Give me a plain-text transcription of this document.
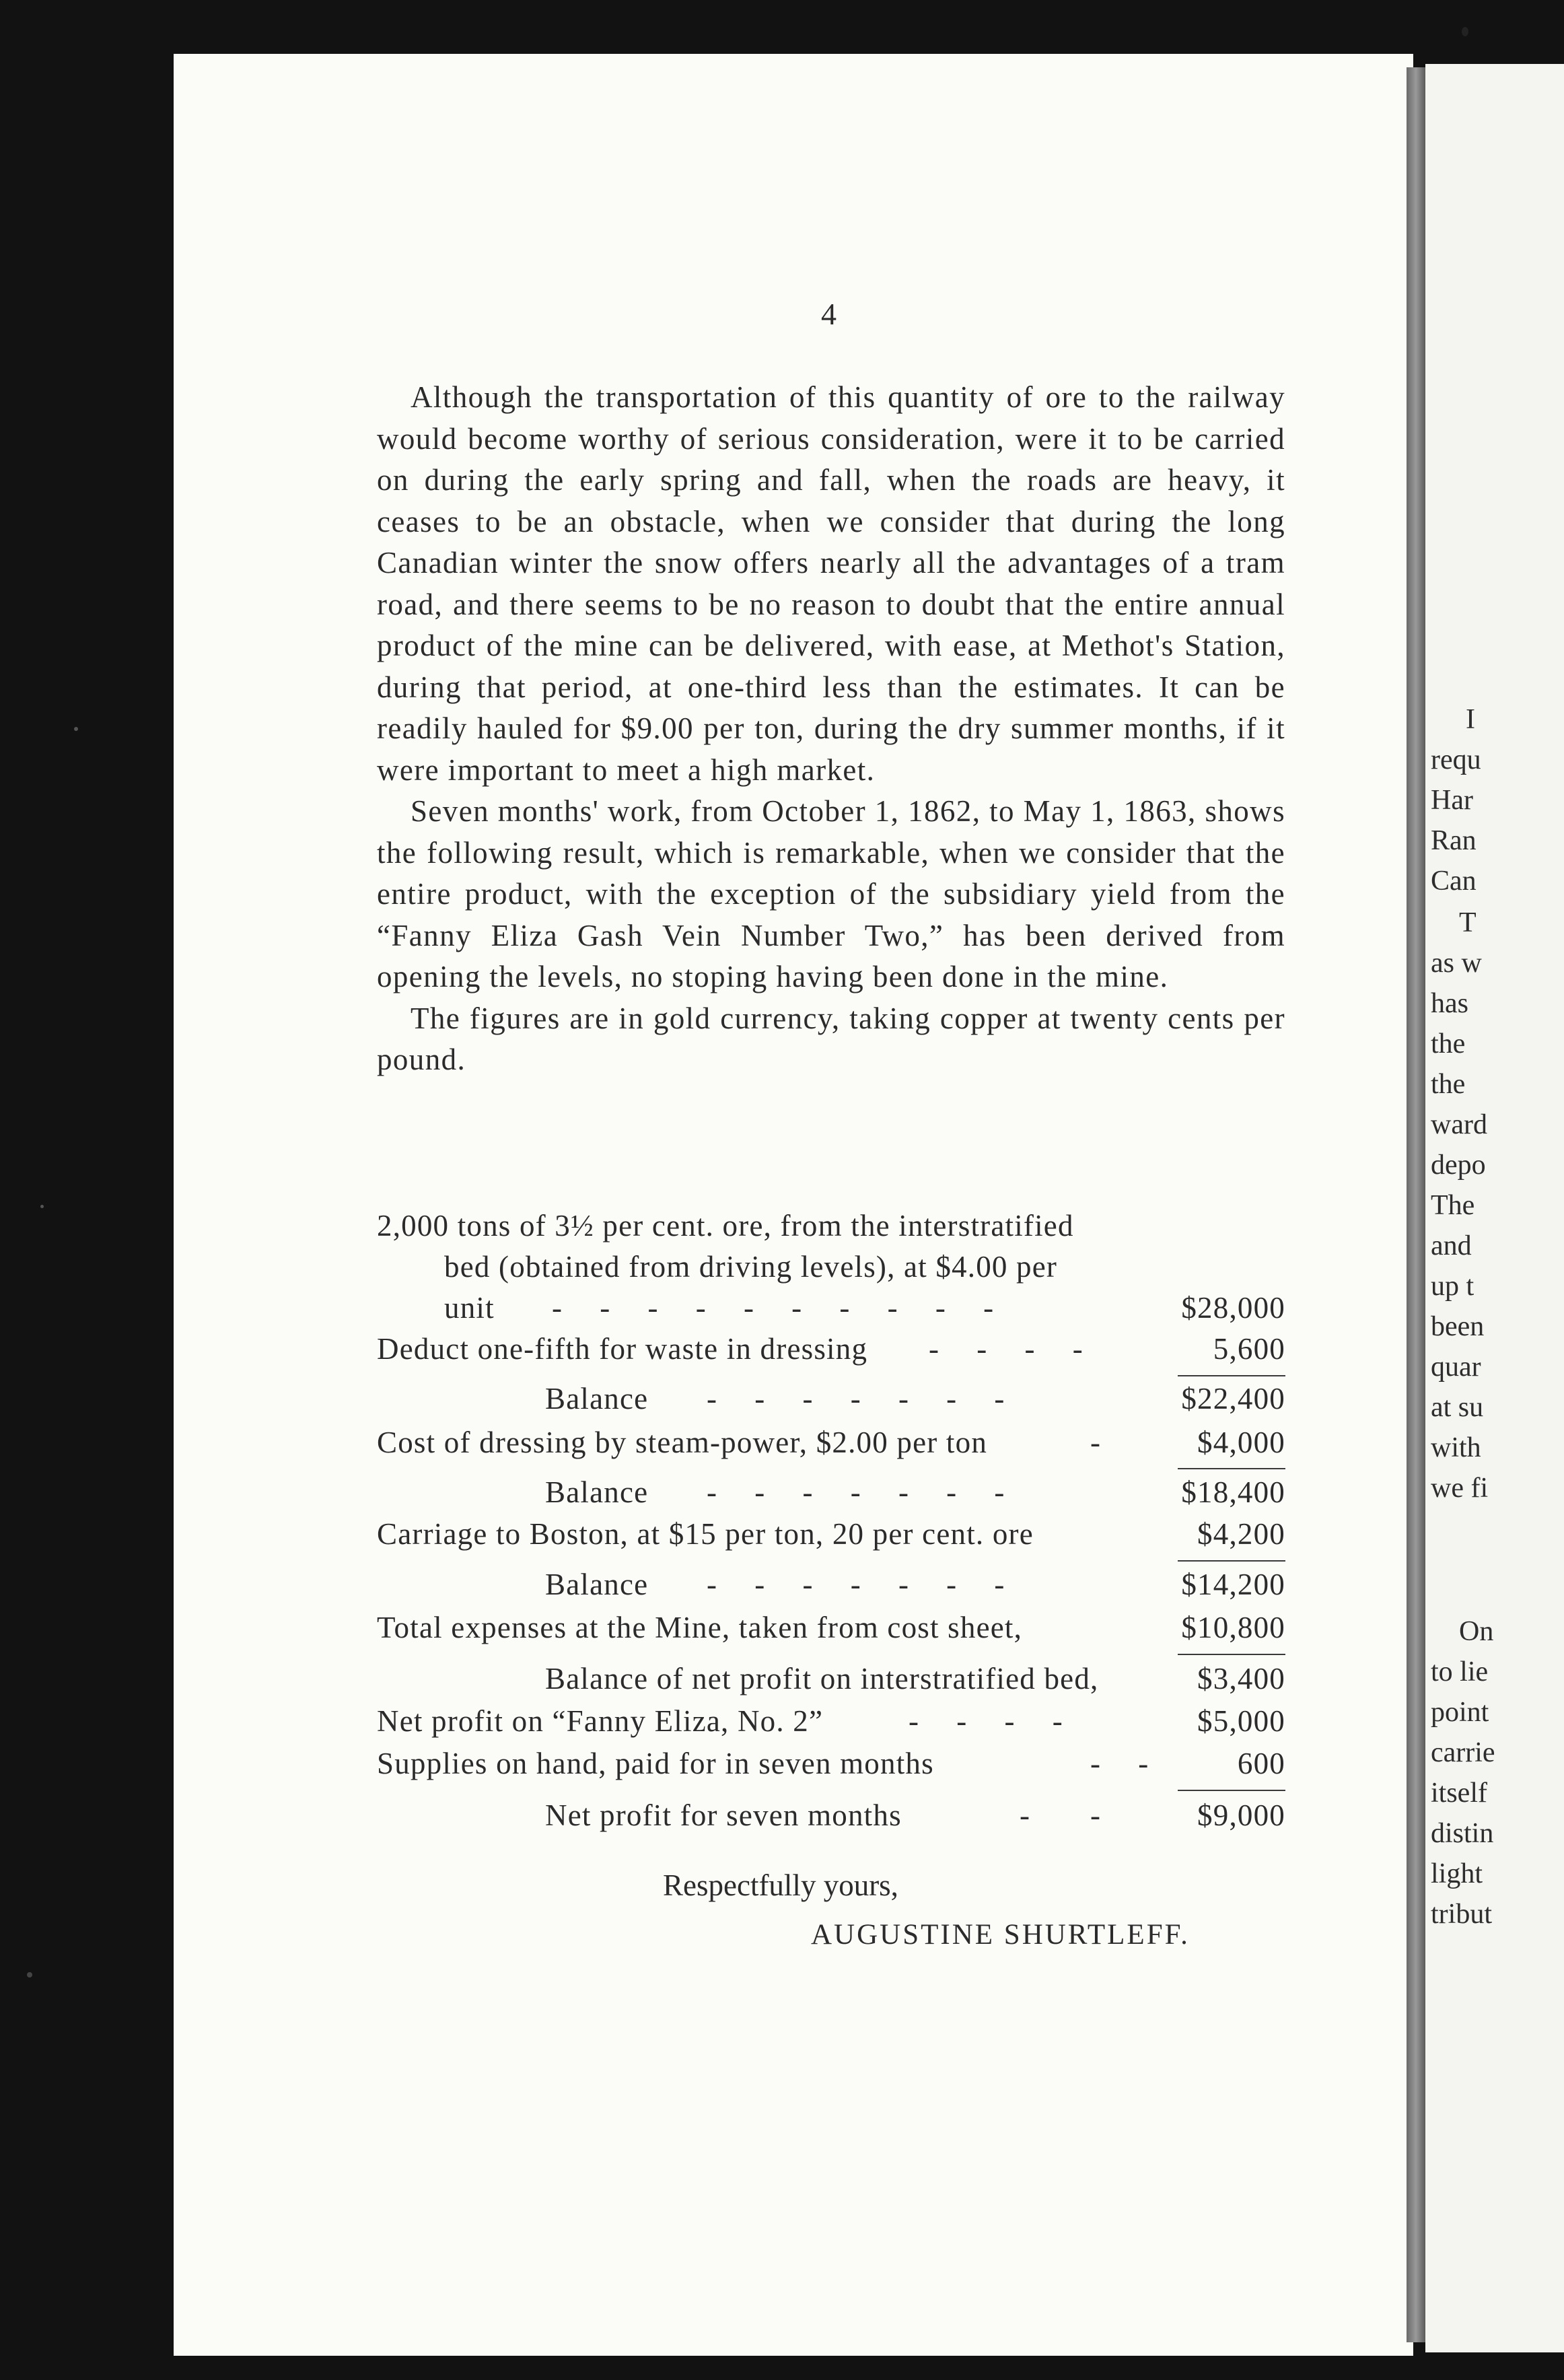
I
requ
Har
Ran
Can
T
as w
has
the
the
ward
depo
The
and
up t
been
quar
at su
with
we fi
On
to lie
point
carrie
itself
distin
light
tribut
4

Although the transportation of this quantity of ore to the railway would become worthy of serious consideration, were it to be carried on during the early spring and fall, when the roads are heavy, it ceases to be an obstacle, when we consider that during the long Canadian winter the snow offers nearly all the advantages of a tram road, and there seems to be no reason to doubt that the entire annual product of the mine can be delivered, with ease, at Methot's Station, during that period, at one-third less than the estimates. It can be readily hauled for $9.00 per ton, during the dry summer months, if it were important to meet a high market.

Seven months' work, from October 1, 1862, to May 1, 1863, shows the following result, which is remarkable, when we consider that the entire product, with the exception of the subsidiary yield from the “Fanny Eliza Gash Vein Number Two,” has been derived from opening the levels, no stoping having been done in the mine.

The figures are in gold currency, taking copper at twenty cents per pound.

2,000 tons of 3½ per cent. ore, from the interstratified
bed (obtained from driving levels), at $4.00 per
unit -     -     -     -     -     -     -     -     -     -	$28,000
Deduct one-fifth for waste in dressing -     -     -     -	5,600
Balance -     -     -     -     -     -     -	$22,400
Cost of dressing by steam-power, $2.00 per ton	-	$4,000
Balance -     -     -     -     -     -     -	$18,400
Carriage to Boston, at $15 per ton, 20 per cent. ore	$4,200
Balance -     -     -     -     -     -     -	$14,200
Total expenses at the Mine, taken from cost sheet,	$10,800
Balance of net profit on interstratified bed,	$3,400
Net profit on “Fanny Eliza, No. 2”	-     -     -     -	$5,000
Supplies on hand, paid for in seven months	-     -	600
Net profit for seven months	-        -	$9,000
Respectfully yours,
AUGUSTINE SHURTLEFF.
